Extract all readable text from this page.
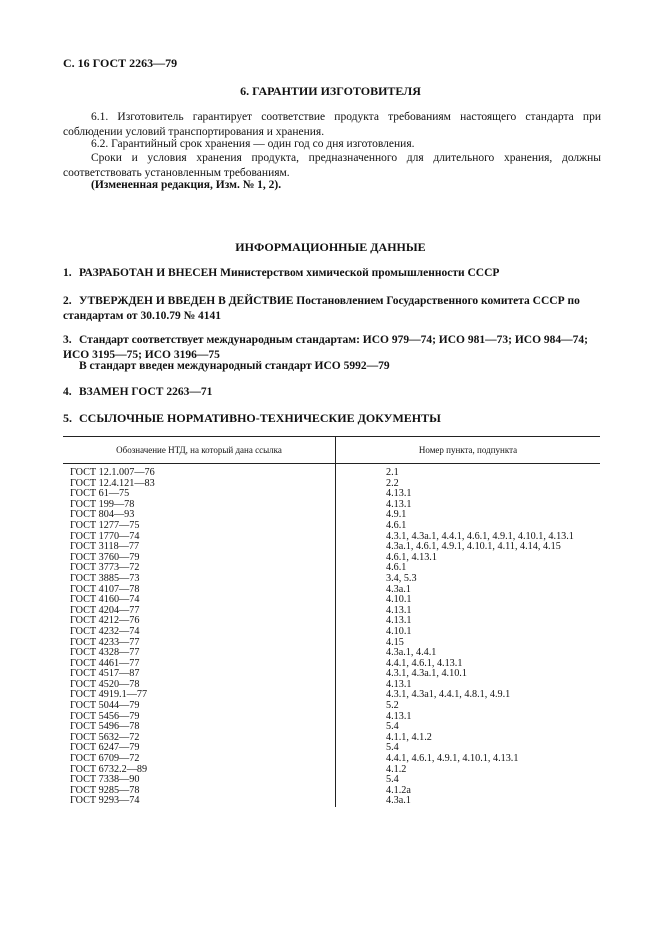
С. 16 ГОСТ 2263—79
6. ГАРАНТИИ ИЗГОТОВИТЕЛЯ
6.1. Изготовитель гарантирует соответствие продукта требованиям настоящего стандарта при соблюдении условий транспортирования и хранения.
6.2. Гарантийный срок хранения — один год со дня изготовления.
Сроки и условия хранения продукта, предназначенного для длительного хранения, должны соответствовать установленным требованиям.
(Измененная редакция, Изм. № 1, 2).
ИНФОРМАЦИОННЫЕ ДАННЫЕ
1. РАЗРАБОТАН И ВНЕСЕН Министерством химической промышленности СССР
2. УТВЕРЖДЕН И ВВЕДЕН В ДЕЙСТВИЕ Постановлением Государственного комитета СССР по стандартам от 30.10.79 № 4141
3. Стандарт соответствует международным стандартам: ИСО 979—74; ИСО 981—73; ИСО 984—74; ИСО 3195—75; ИСО 3196—75
В стандарт введен международный стандарт ИСО 5992—79
4. ВЗАМЕН ГОСТ 2263—71
5. ССЫЛОЧНЫЕ НОРМАТИВНО-ТЕХНИЧЕСКИЕ ДОКУМЕНТЫ
Обозначение НТД, на который дана ссылка	Номер пункта, подпункта
ГОСТ 12.1.007—76	2.1
ГОСТ 12.4.121—83	2.2
ГОСТ 61—75	4.13.1
ГОСТ 199—78	4.13.1
ГОСТ 804—93	4.9.1
ГОСТ 1277—75	4.6.1
ГОСТ 1770—74	4.3.1, 4.3а.1, 4.4.1, 4.6.1, 4.9.1, 4.10.1, 4.13.1
ГОСТ 3118—77	4.3а.1, 4.6.1, 4.9.1, 4.10.1, 4.11, 4.14, 4.15
ГОСТ 3760—79	4.6.1, 4.13.1
ГОСТ 3773—72	4.6.1
ГОСТ 3885—73	3.4, 5.3
ГОСТ 4107—78	4.3а.1
ГОСТ 4160—74	4.10.1
ГОСТ 4204—77	4.13.1
ГОСТ 4212—76	4.13.1
ГОСТ 4232—74	4.10.1
ГОСТ 4233—77	4.15
ГОСТ 4328—77	4.3а.1, 4.4.1
ГОСТ 4461—77	4.4.1, 4.6.1, 4.13.1
ГОСТ 4517—87	4.3.1, 4.3а.1, 4.10.1
ГОСТ 4520—78	4.13.1
ГОСТ 4919.1—77	4.3.1, 4.3а1, 4.4.1, 4.8.1, 4.9.1
ГОСТ 5044—79	5.2
ГОСТ 5456—79	4.13.1
ГОСТ 5496—78	5.4
ГОСТ 5632—72	4.1.1, 4.1.2
ГОСТ 6247—79	5.4
ГОСТ 6709—72	4.4.1, 4.6.1, 4.9.1, 4.10.1, 4.13.1
ГОСТ 6732.2—89	4.1.2
ГОСТ 7338—90	5.4
ГОСТ 9285—78	4.1.2а
ГОСТ 9293—74	4.3а.1
